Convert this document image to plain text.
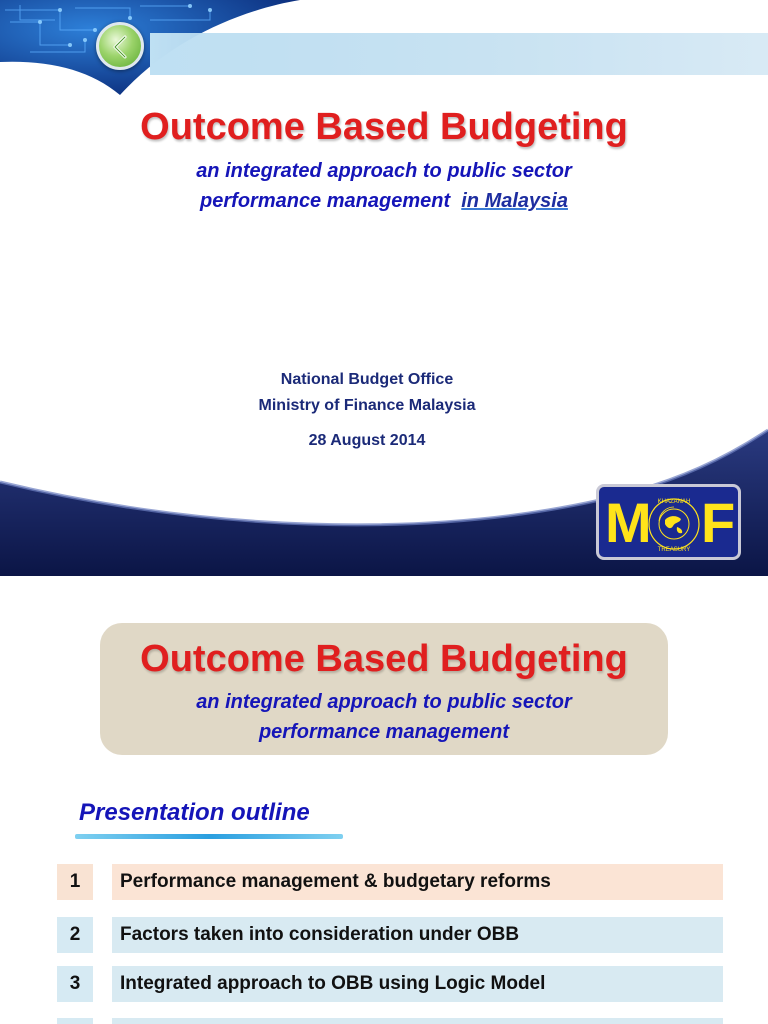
Outcome Based Budgeting
an integrated approach to public sector
performance management in Malaysia
National Budget Office
Ministry of Finance Malaysia
28 August 2014
M KHAZANAH
TREASURY F
Outcome Based Budgeting
an integrated approach to public sector
performance management
Presentation outline
1	Performance management & budgetary reforms
2	Factors taken into consideration under OBB
3	Integrated approach to OBB using Logic Model
